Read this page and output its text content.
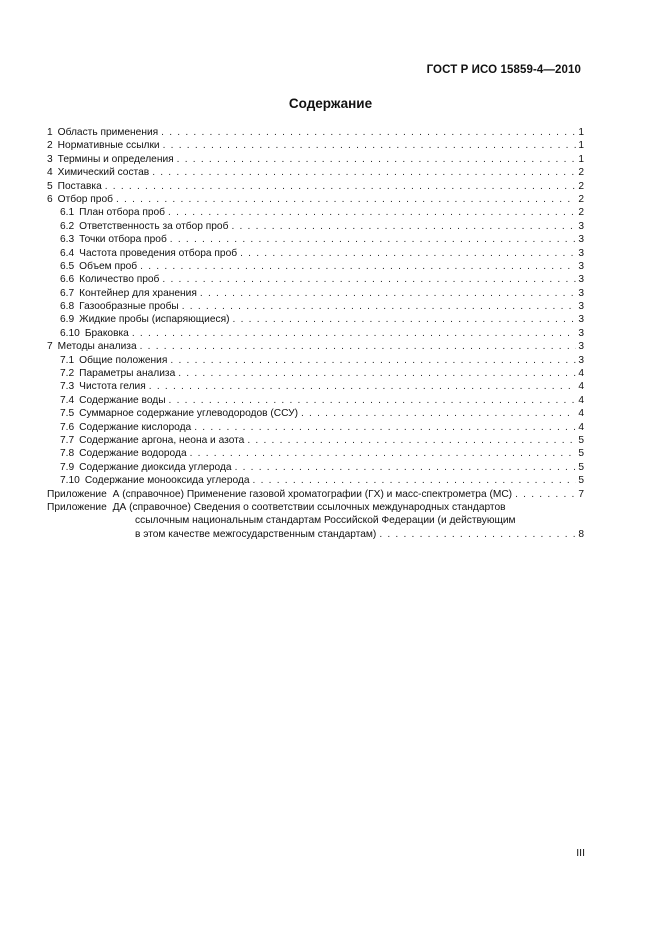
ГОСТ Р ИСО 15859-4—2010
Содержание
1 Область применения . . .	1
2 Нормативные ссылки . . .	1
3 Термины и определения . . .	1
4 Химический состав . . .	2
5 Поставка . . .	2
6 Отбор проб . . .	2
6.1 План отбора проб . . .	2
6.2 Ответственность за отбор проб . . .	3
6.3 Точки отбора проб . . .	3
6.4 Частота проведения отбора проб . . .	3
6.5 Объем проб . . .	3
6.6 Количество проб . . .	3
6.7 Контейнер для хранения . . .	3
6.8 Газообразные пробы . . .	3
6.9 Жидкие пробы (испаряющиеся) . . .	3
6.10 Браковка . . .	3
7 Методы анализа . . .	3
7.1 Общие положения . . .	3
7.2 Параметры анализа . . .	4
7.3 Чистота гелия . . .	4
7.4 Содержание воды . . .	4
7.5 Суммарное содержание углеводородов (ССУ) . . .	4
7.6 Содержание кислорода . . .	4
7.7 Содержание аргона, неона и азота . . .	5
7.8 Содержание водорода . . .	5
7.9 Содержание диоксида углерода . . .	5
7.10 Содержание монооксида углерода . . .	5
Приложение А (справочное) Применение газовой хроматографии (ГХ) и масс-спектрометра (МС) . . .	7
Приложение ДА (справочное) Сведения о соответствии ссылочных международных стандартов
ссылочным национальным стандартам Российской Федерации (и действующим
в этом качестве межгосударственным стандартам) . . .	8
III
